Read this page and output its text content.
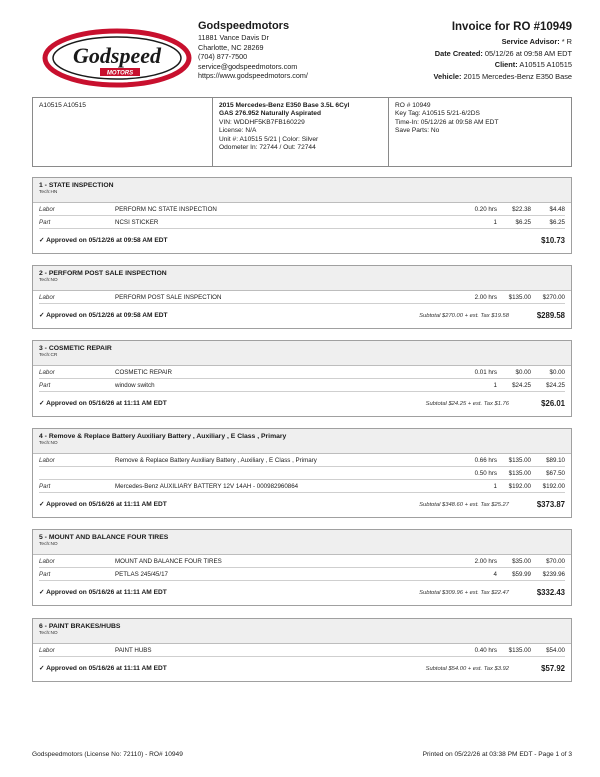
Godspeed
MOTORS
Godspeedmotors
11881 Vance Davis Dr
Charlotte, NC 28269
(704) 877-7500
service@godspeedmotors.com
https://www.godspeedmotors.com/
Invoice for RO #10949
Service Advisor: * R
Date Created: 05/12/26 at 09:58 AM EDT
Client: A10515 A10515
Vehicle: 2015 Mercedes-Benz E350 Base
A10515 A10515	2015 Mercedes-Benz E350 Base 3.5L 6Cyl
GAS 276.952 Naturally Aspirated
VIN: WDDHF5KB7FB160229
License: N/A
Unit #: A10515 5/21 | Color: Silver
Odometer In: 72744 / Out: 72744
RO # 10949
Key Tag: A10515 5/21-6/2DS
Time-In: 05/12/26 at 09:58 AM EDT
Save Parts: No
1 - STATE INSPECTION
Tech:HN
Labor	PERFORM NC STATE INSPECTION	0.20 hrs	$22.38	$4.48
Part	NCSI STICKER	1	$6.25	$6.25
✓ Approved on 05/12/26 at 09:58 AM EDT	$10.73
2 - PERFORM POST SALE INSPECTION
Tech:NO
Labor	PERFORM POST SALE INSPECTION	2.00 hrs	$135.00	$270.00
✓ Approved on 05/12/26 at 09:58 AM EDT	Subtotal $270.00 + est. Tax $19.58	$289.58
3 - COSMETIC REPAIR
Tech:CR
Labor	COSMETIC REPAIR	0.01 hrs	$0.00	$0.00
Part	window switch	1	$24.25	$24.25
✓ Approved on 05/16/26 at 11:11 AM EDT	Subtotal $24.25 + est. Tax $1.76	$26.01
4 - Remove & Replace Battery Auxiliary Battery , Auxiliary , E Class , Primary
Tech:NO
Labor	Remove & Replace Battery Auxiliary Battery , Auxiliary , E Class , Primary	0.66 hrs	$135.00	$89.10
0.50 hrs	$135.00	$67.50
Part	Mercedes-Benz AUXILIARY BATTERY 12V 14AH - 000982960864	1	$192.00	$192.00
✓ Approved on 05/16/26 at 11:11 AM EDT	Subtotal $348.60 + est. Tax $25.27	$373.87
5 - MOUNT AND BALANCE FOUR TIRES
Tech:NO
Labor	MOUNT AND BALANCE FOUR TIRES	2.00 hrs	$35.00	$70.00
Part	PETLAS 245/45/17	4	$59.99	$239.96
✓ Approved on 05/16/26 at 11:11 AM EDT	Subtotal $309.96 + est. Tax $22.47	$332.43
6 - PAINT BRAKES/HUBS
Tech:NO
Labor	PAINT HUBS	0.40 hrs	$135.00	$54.00
✓ Approved on 05/16/26 at 11:11 AM EDT	Subtotal $54.00 + est. Tax $3.92	$57.92
Godspeedmotors (License No: 72110) - RO# 10949	Printed on 05/22/26 at 03:38 PM EDT - Page 1 of 3
